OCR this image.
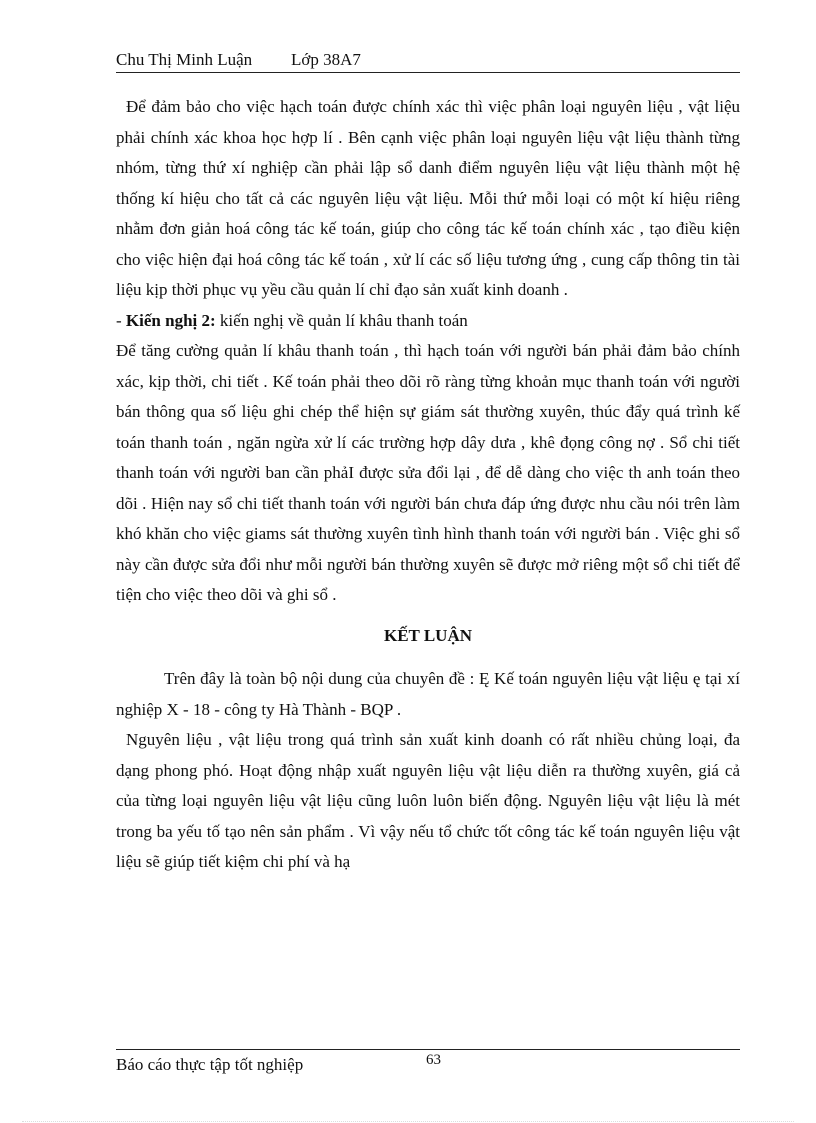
Chu Thị Minh Luận Lớp 38A7

Để đảm bảo cho việc hạch toán được chính xác thì việc phân loại nguyên liệu , vật liệu phải chính xác khoa học hợp lí . Bên cạnh việc phân loại nguyên liệu vật liệu thành từng nhóm, từng thứ xí nghiệp cần phải lập sổ danh điểm nguyên liệu vật liệu thành một hệ thống kí hiệu cho tất cả các nguyên liệu vật liệu. Mỗi thứ mỗi loại có một kí hiệu riêng nhằm đơn giản hoá công tác kế toán, giúp cho công tác kế toán chính xác , tạo điều kiện cho việc hiện đại hoá công tác kế toán , xử lí các số liệu tương ứng , cung cấp thông tin tài liệu kịp thời phục vụ yều cầu quản lí chỉ đạo sản xuất kinh doanh .

- Kiến nghị 2: kiến nghị về quản lí khâu thanh toán

Để tăng cường quản lí khâu thanh toán , thì hạch toán với người bán phải đảm bảo chính xác, kịp thời, chi tiết . Kế toán phải theo dõi rõ ràng từng khoản mục thanh toán với người bán thông qua số liệu ghi chép thể hiện sự giám sát thường xuyên, thúc đẩy quá trình kế toán thanh toán , ngăn ngừa xử lí các trường hợp dây dưa , khê đọng công nợ . Sổ chi tiết thanh toán với người ban cần phảI được sửa đổi lại , để dễ dàng cho việc th anh toán theo dõi . Hiện nay sổ chi tiết thanh toán với người bán chưa đáp ứng được nhu cầu nói trên làm khó khăn cho việc giams sát thường xuyên tình hình thanh toán với người bán . Việc ghi sổ này cần được sửa đổi như mỗi người bán thường xuyên sẽ được mở riêng một sổ chi tiết để tiện cho việc theo dõi và ghi sổ .

KẾT LUẬN

Trên đây là toàn bộ nội dung của chuyên đề : Ę Kế toán nguyên liệu vật liệu ę tại xí nghiệp X - 18 - công ty Hà Thành - BQP .

Nguyên liệu , vật liệu trong quá trình sản xuất kinh doanh có rất nhiều chủng loại, đa dạng phong phó. Hoạt động nhập xuất nguyên liệu vật liệu diễn ra thường xuyên, giá cả của từng loại nguyên liệu vật liệu cũng luôn luôn biến động. Nguyên liệu vật liệu là mét trong ba yếu tố tạo nên sản phẩm . Vì vậy nếu tổ chức tốt công tác kế toán nguyên liệu vật liệu sẽ giúp tiết kiệm chi phí và hạ

Báo cáo thực tập tốt nghiệp	63
